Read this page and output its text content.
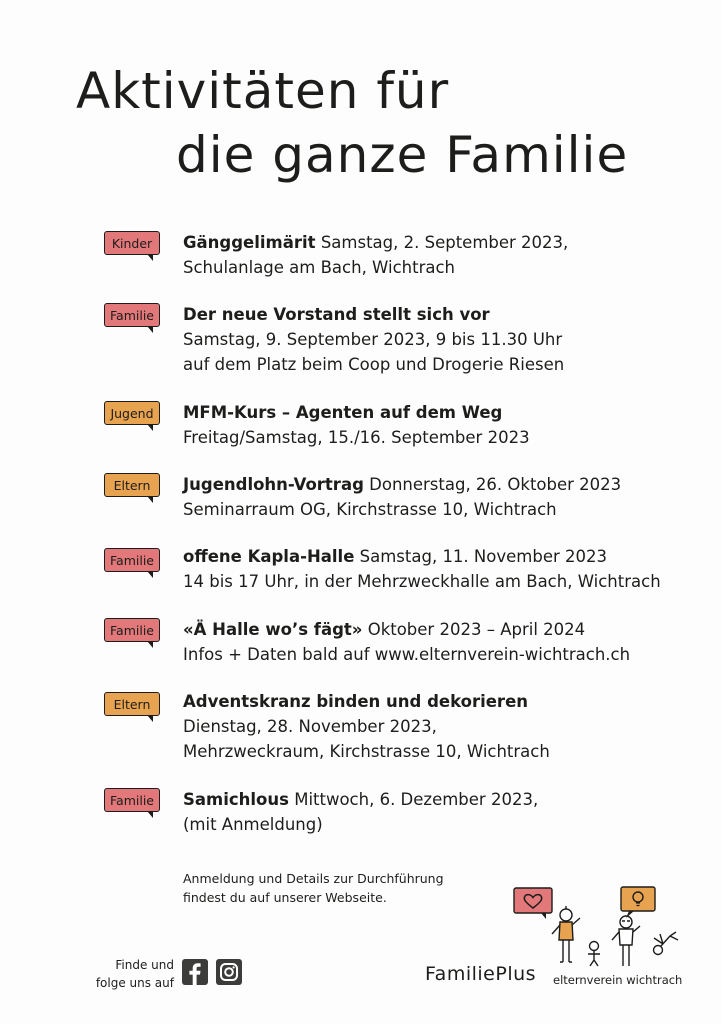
Aktivitäten für
die ganze Familie
Kinder	Gänggelimärit Samstag, 2. September 2023,
Schulanlage am Bach, Wichtrach
Familie	Der neue Vorstand stellt sich vor
Samstag, 9. September 2023, 9 bis 11.30 Uhr
auf dem Platz beim Coop und Drogerie Riesen
Jugend	MFM-Kurs – Agenten auf dem Weg
Freitag/Samstag, 15./16. September 2023
Eltern	Jugendlohn-Vortrag Donnerstag, 26. Oktober 2023
Seminarraum OG, Kirchstrasse 10, Wichtrach
Familie	offene Kapla-Halle Samstag, 11. November 2023
14 bis 17 Uhr, in der Mehrzweckhalle am Bach, Wichtrach
Familie	«Ä Halle wo’s fägt» Oktober 2023 – April 2024
Infos + Daten bald auf www.elternverein-wichtrach.ch
Eltern	Adventskranz binden und dekorieren
Dienstag, 28. November 2023,
Mehrzweckraum, Kirchstrasse 10, Wichtrach
Familie	Samichlous Mittwoch, 6. Dezember 2023,
(mit Anmeldung)
Anmeldung und Details zur Durchführung
findest du auf unserer Webseite.
Finde und
folge uns auf	FamiliePlus elternverein wichtrach
